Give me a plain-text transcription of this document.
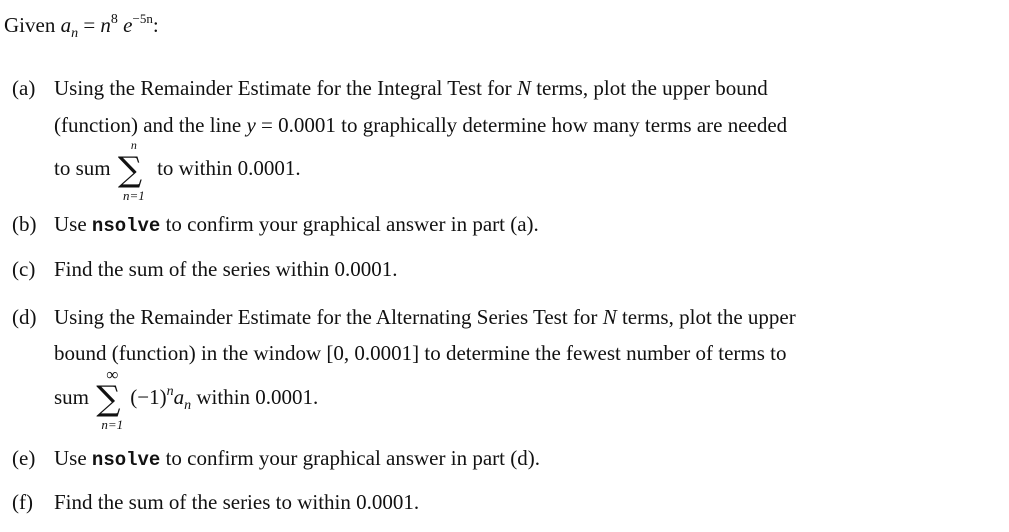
Given $a_n = n^8$ $e^{-5n}$:
(a) Using the Remainder Estimate for the Integral Test for N terms, plot the upper bound
(function) and the line y = 0.0001 to graphically determine how many terms are needed
to sum
n
∑
n=1
to within 0.0001.
(b) Use nsolve to confirm your graphical answer in part (a).
(c) Find the sum of the series within 0.0001.
(d) Using the Remainder Estimate for the Alternating Series Test for N terms, plot the upper
bound (function) in the window [0, 0.0001] to determine the fewest number of terms to
sum
∞
∑
n=1
$(-1)^na_n$ within 0.0001.
(e) Use nsolve to confirm your graphical answer in part (d).
(f) Find the sum of the series to within 0.0001.
